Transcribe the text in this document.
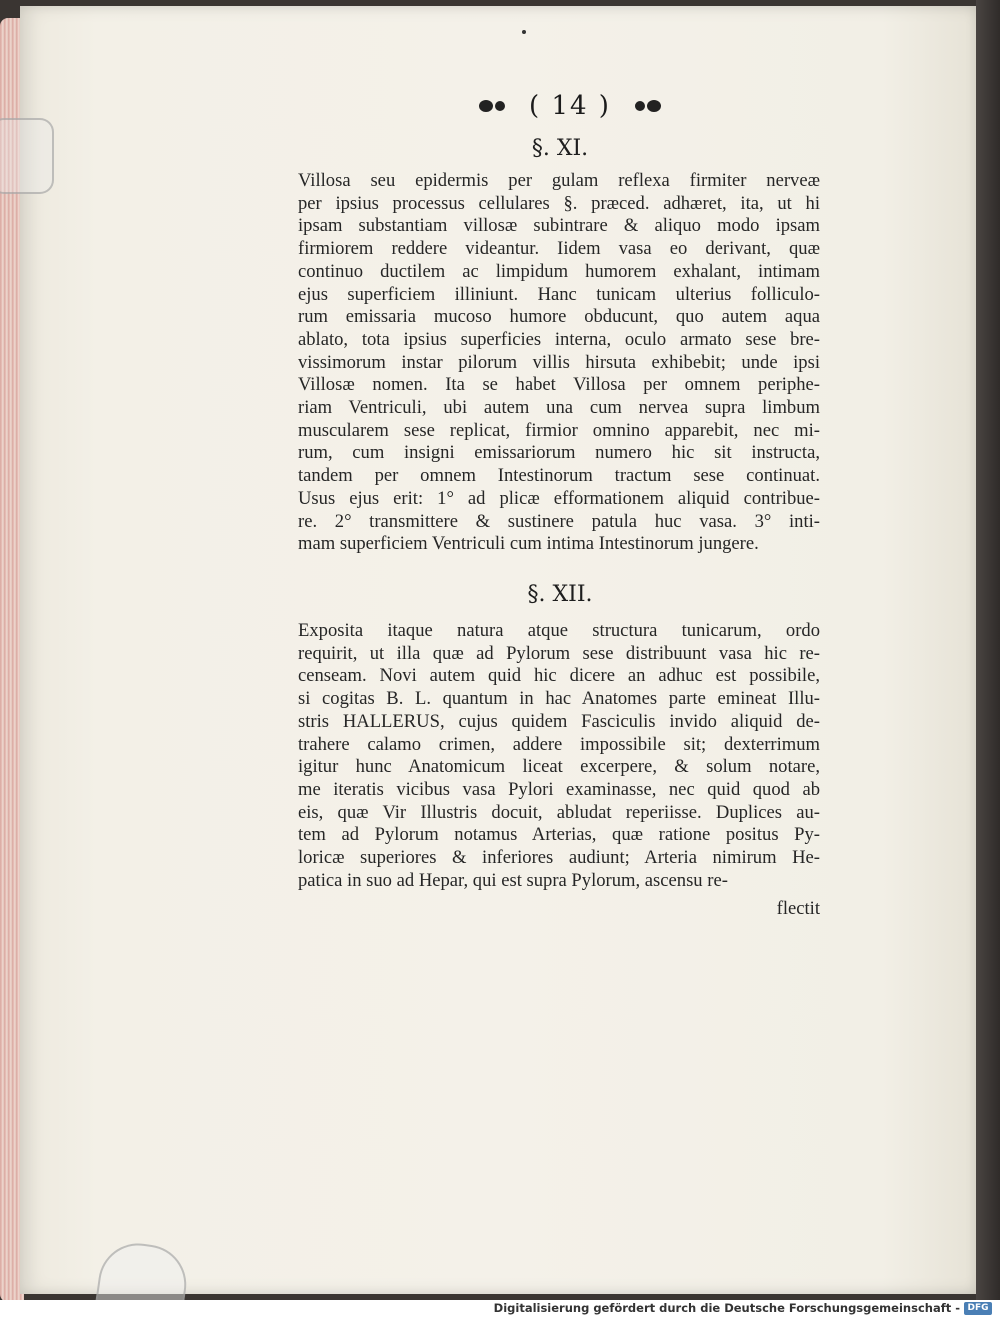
( 14 )
§. XI.
Villosa seu epidermis per gulam reflexa firmiter nerveæ
per ipsius processus cellulares §. præced. adhæret, ita, ut hi
ipsam substantiam villosæ subintrare & aliquo modo ipsam
firmiorem reddere videantur. Iidem vasa eo derivant, quæ
continuo ductilem ac limpidum humorem exhalant, intimam
ejus superficiem illiniunt. Hanc tunicam ulterius folliculo-
rum emissaria mucoso humore obducunt, quo autem aqua
ablato, tota ipsius superficies interna, oculo armato sese bre-
vissimorum instar pilorum villis hirsuta exhibebit; unde ipsi
Villosæ nomen. Ita se habet Villosa per omnem periphe-
riam Ventriculi, ubi autem una cum nervea supra limbum
muscularem sese replicat, firmior omnino apparebit, nec mi-
rum, cum insigni emissariorum numero hic sit instructa,
tandem per omnem Intestinorum tractum sese continuat.
Usus ejus erit: 1° ad plicæ efformationem aliquid contribue-
re. 2° transmittere & sustinere patula huc vasa. 3° inti-
mam superficiem Ventriculi cum intima Intestinorum jungere.
§. XII.
Exposita itaque natura atque structura tunicarum, ordo
requirit, ut illa quæ ad Pylorum sese distribuunt vasa hic re-
censeam. Novi autem quid hic dicere an adhuc est possibile,
si cogitas B. L. quantum in hac Anatomes parte emineat Illu-
stris HALLERUS, cujus quidem Fasciculis invido aliquid de-
trahere calamo crimen, addere impossibile sit; dexterrimum
igitur hunc Anatomicum liceat excerpere, & solum notare,
me iteratis vicibus vasa Pylori examinasse, nec quid quod ab
eis, quæ Vir Illustris docuit, abludat reperiisse. Duplices au-
tem ad Pylorum notamus Arterias, quæ ratione positus Py-
loricæ superiores & inferiores audiunt; Arteria nimirum He-
patica in suo ad Hepar, qui est supra Pylorum, ascensu re-
flectit
Digitalisierung gefördert durch die Deutsche Forschungsgemeinschaft - DFG
